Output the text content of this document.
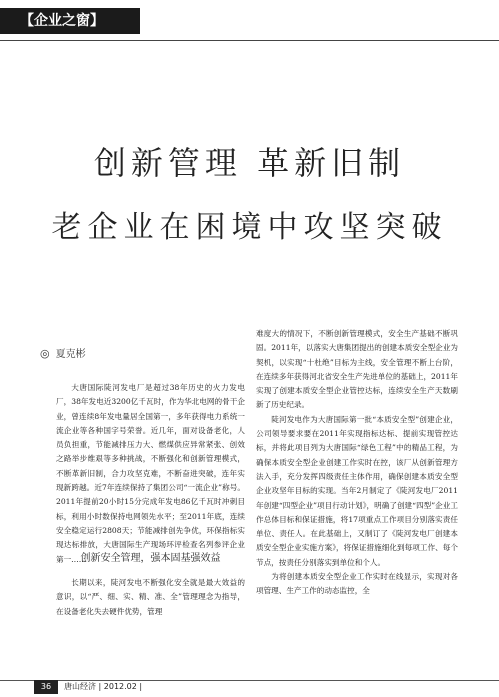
【企业之窗】
创新管理 革新旧制
老企业在困境中攻坚突破
◎ 夏克彬

大唐国际陡河发电厂是超过38年历史的火力发电厂，38年发电近3200亿千瓦时，作为华北电网的骨干企业，曾连续8年发电量居全国第一，多年获得电力系统一流企业等各种国字号荣誉。近几年，面对设备老化，人员负担重，节能减排压力大、燃煤供应异常紧张、创效之路举步维艰等多种挑战，不断强化和创新管理模式，不断革新旧制，合力攻坚克难，不断奋进突破，连年实现新跨越。近7年连续保持了集团公司“一流企业”称号。2011年提前20小时15分完成年发电86亿千瓦时冲刺目标，利用小时数保持电网领先水平；至2011年底，连续安全稳定运行2808天；节能减排创先争优，环保指标实现达标排放，大唐国际生产现场环评检查名列参评企业第一……

创新安全管理，强本固基强效益

长期以来，陡河发电不断强化安全就是最大效益的意识，以“严、细、实、精、准、全”管理理念为指导，在设备老化失去硬件优势，管理

难度大的情况下，不断创新管理模式，安全生产基础不断巩固。2011年，以落实大唐集团提出的创建本质安全型企业为契机，以实现“十杜绝”目标为主线，安全管理不断上台阶，在连续多年获得河北省安全生产先进单位的基础上，2011年实现了创建本质安全型企业管控达标，连续安全生产天数刷新了历史纪录。

陡河发电作为大唐国际第一批“本质安全型”创建企业，公司领导要求要在2011年实现指标达标、提前实现管控达标，并将此项目列为大唐国际“绿色工程”中的精品工程，为确保本质安全型企业创建工作实时在控，该厂从创新管理方法入手，充分发挥四级责任主体作用，确保创建本质安全型企业攻坚年目标的实现。当年2月制定了《陡河发电厂2011年创建“四型企业”项目行动计划》，明确了创建“四型”企业工作总体目标和保证措施，将17项重点工作项目分别落实责任单位、责任人。在此基础上，又制订了《陡河发电厂创建本质安全型企业实施方案》，将保证措施细化到每项工作、每个节点，按责任分别落实到单位和个人。

为将创建本质安全型企业工作实时在线显示，实现对各项管理、生产工作的动态监控，全

36	唐山经济 | 2012.02 |
